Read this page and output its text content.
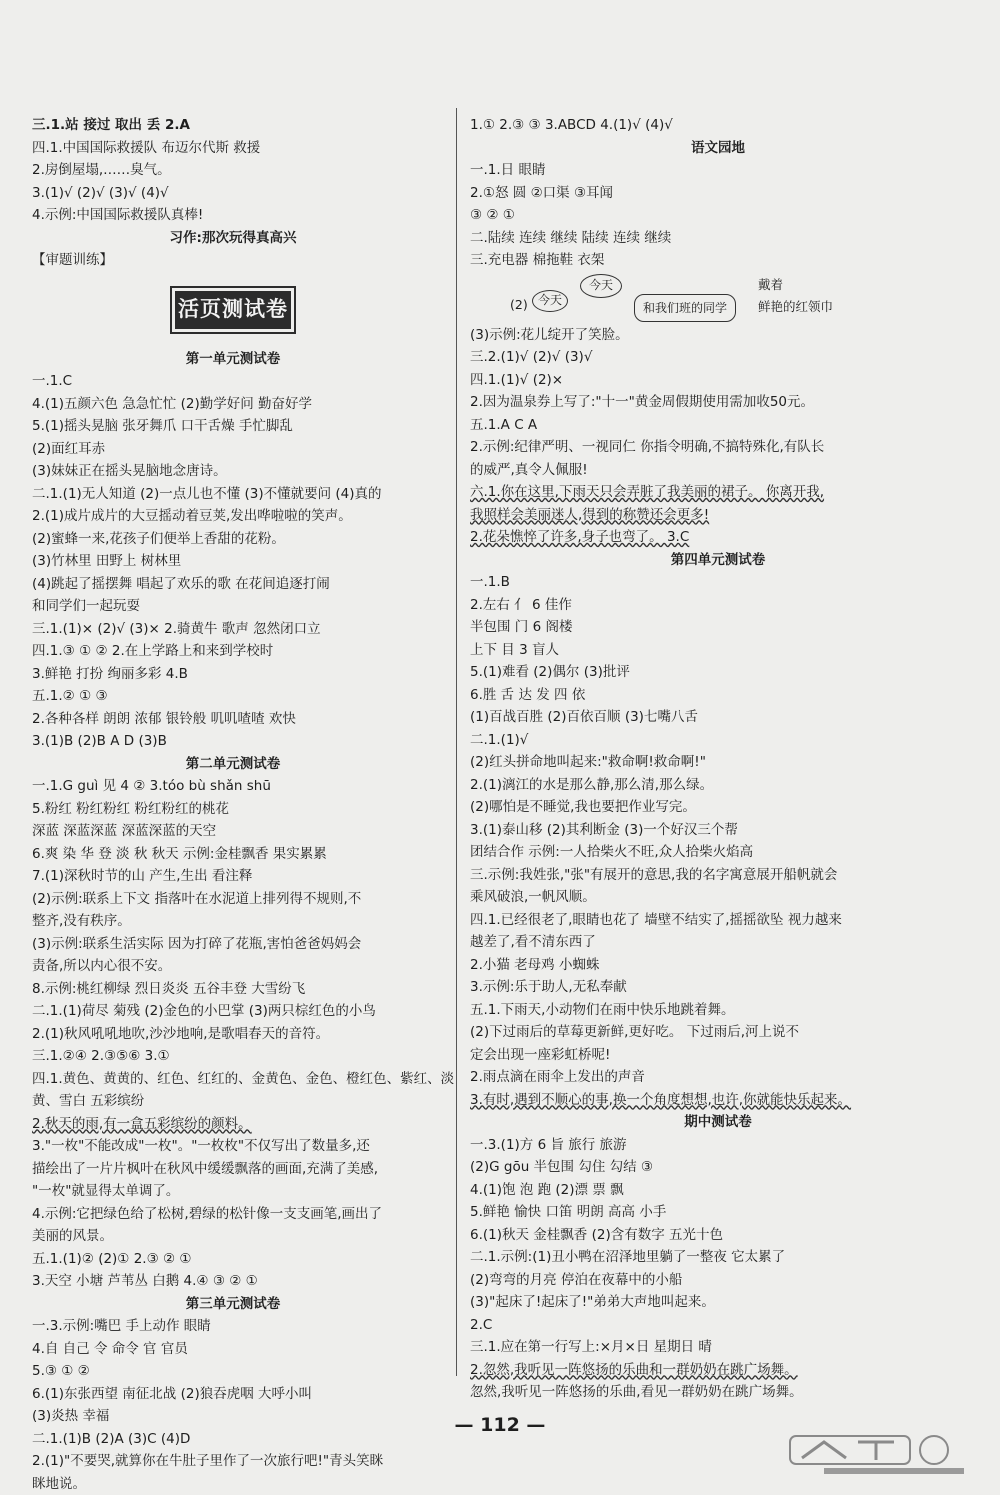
三.1.站 接过 取出 丢 2.A
四.1.中国国际救援队 布迈尔代斯 救援
2.房倒屋塌,……臭气。
3.(1)√ (2)√ (3)√ (4)√
4.示例:中国国际救援队真棒!
习作:那次玩得真高兴
【审题训练】
活页测试卷
第一单元测试卷
一.1.C
4.(1)五颜六色 急急忙忙 (2)勤学好问 勤奋好学
5.(1)摇头晃脑 张牙舞爪 口干舌燥 手忙脚乱
(2)面红耳赤
(3)妹妹正在摇头晃脑地念唐诗。
二.1.(1)无人知道 (2)一点儿也不懂 (3)不懂就要问 (4)真的
2.(1)成片成片的大豆摇动着豆荚,发出哗啦啦的笑声。
(2)蜜蜂一来,花孩子们便举上香甜的花粉。
(3)竹林里 田野上 树林里
(4)跳起了摇摆舞 唱起了欢乐的歌 在花间追逐打闹
和同学们一起玩耍
三.1.(1)× (2)√ (3)× 2.骑黄牛 歌声 忽然闭口立
四.1.③ ① ② 2.在上学路上和来到学校时
3.鲜艳 打扮 绚丽多彩 4.B
五.1.② ① ③
2.各种各样 朗朗 浓郁 银铃般 叽叽喳喳 欢快
3.(1)B (2)B A D (3)B
第二单元测试卷
一.1.G guì 见 4 ② 3.tóo bù shǎn shū
5.粉红 粉红粉红 粉红粉红的桃花
深蓝 深蓝深蓝 深蓝深蓝的天空
6.爽 染 华 登 淡 秋 秋天 示例:金桂飘香 果实累累
7.(1)深秋时节的山 产生,生出 看注释
(2)示例:联系上下文 指落叶在水泥道上排列得不规则,不
整齐,没有秩序。
(3)示例:联系生活实际 因为打碎了花瓶,害怕爸爸妈妈会
责备,所以内心很不安。
8.示例:桃红柳绿 烈日炎炎 五谷丰登 大雪纷飞
二.1.(1)荷尽 菊残 (2)金色的小巴掌 (3)两只棕红色的小鸟
2.(1)秋风吼吼地吹,沙沙地响,是歌唱春天的音符。
三.1.②④ 2.③⑤⑥ 3.①
四.1.黄色、黄黄的、红色、红红的、金黄色、金色、橙红色、紫红、淡
黄、雪白 五彩缤纷
2.秋天的雨,有一盒五彩缤纷的颜料。
3."一枚"不能改成"一枚"。"一枚枚"不仅写出了数量多,还
描绘出了一片片枫叶在秋风中缓缓飘落的画面,充满了美感,
"一枚"就显得太单调了。
4.示例:它把绿色给了松树,碧绿的松针像一支支画笔,画出了
美丽的风景。
五.1.(1)② (2)① 2.③ ② ①
3.天空 小塘 芦苇丛 白鹅 4.④ ③ ② ①
第三单元测试卷
一.3.示例:嘴巴 手上动作 眼睛
4.自 自己 令 命令 官 官员
5.③ ① ②
6.(1)东张西望 南征北战 (2)狼吞虎咽 大呼小叫
(3)炎热 幸福
二.1.(1)B (2)A (3)C (4)D
2.(1)"不要哭,就算你在牛肚子里作了一次旅行吧!"青头笑眯
眯地说。
1.① 2.③ ③ 3.ABCD 4.(1)√ (4)√
语文园地
一.1.日 眼睛
2.①怒 圆 ②口渠 ③耳闻
③ ② ①
二.陆续 连续 继续 陆续 连续 继续
三.充电器 棉拖鞋 衣架
(2) 今天
今天
和我们班的同学
戴着
鲜艳的红领巾
(3)示例:花儿绽开了笑脸。
三.2.(1)√ (2)√ (3)√
四.1.(1)√ (2)×
2.因为温泉券上写了:"十一"黄金周假期使用需加收50元。
五.1.A C A
2.示例:纪律严明、一视同仁 你指令明确,不搞特殊化,有队长
的威严,真令人佩服!
六.1.你在这里,下雨天只会弄脏了我美丽的裙子。 你离开我,
我照样会美丽迷人,得到的称赞还会更多!
2.花朵憔悴了许多,身子也弯了。 3.C
第四单元测试卷
一.1.B
2.左右 亻 6 佳作
半包围 门 6 阁楼
上下 目 3 盲人
5.(1)难看 (2)偶尔 (3)批评
6.胜 舌 达 发 四 依
(1)百战百胜 (2)百依百顺 (3)七嘴八舌
二.1.(1)√
(2)红头拼命地叫起来:"救命啊!救命啊!"
2.(1)漓江的水是那么静,那么清,那么绿。
(2)哪怕是不睡觉,我也要把作业写完。
3.(1)泰山移 (2)其利断金 (3)一个好汉三个帮
团结合作 示例:一人拾柴火不旺,众人拾柴火焰高
三.示例:我姓张,"张"有展开的意思,我的名字寓意展开船帆就会
乘风破浪,一帆风顺。
四.1.已经很老了,眼睛也花了 墙壁不结实了,摇摇欲坠 视力越来
越差了,看不清东西了
2.小猫 老母鸡 小蜘蛛
3.示例:乐于助人,无私奉献
五.1.下雨天,小动物们在雨中快乐地跳着舞。
(2)下过雨后的草莓更新鲜,更好吃。 下过雨后,河上说不
定会出现一座彩虹桥呢!
2.雨点滴在雨伞上发出的声音
3.有时,遇到不顺心的事,换一个角度想想,也许,你就能快乐起来。
期中测试卷
一.3.(1)方 6 旨 旅行 旅游
(2)G gōu 半包围 勾住 勾结 ③
4.(1)饱 泡 跑 (2)漂 票 飘
5.鲜艳 愉快 口笛 明朗 高高 小手
6.(1)秋天 金桂飘香 (2)含有数字 五光十色
二.1.示例:(1)丑小鸭在沼泽地里躺了一整夜 它太累了
(2)弯弯的月亮 停泊在夜幕中的小船
(3)"起床了!起床了!"弟弟大声地叫起来。
2.C
三.1.应在第一行写上:×月×日 星期日 晴
2.忽然,我听见一阵悠扬的乐曲和一群奶奶在跳广场舞。
忽然,我听见一阵悠扬的乐曲,看见一群奶奶在跳广场舞。
— 112 —
